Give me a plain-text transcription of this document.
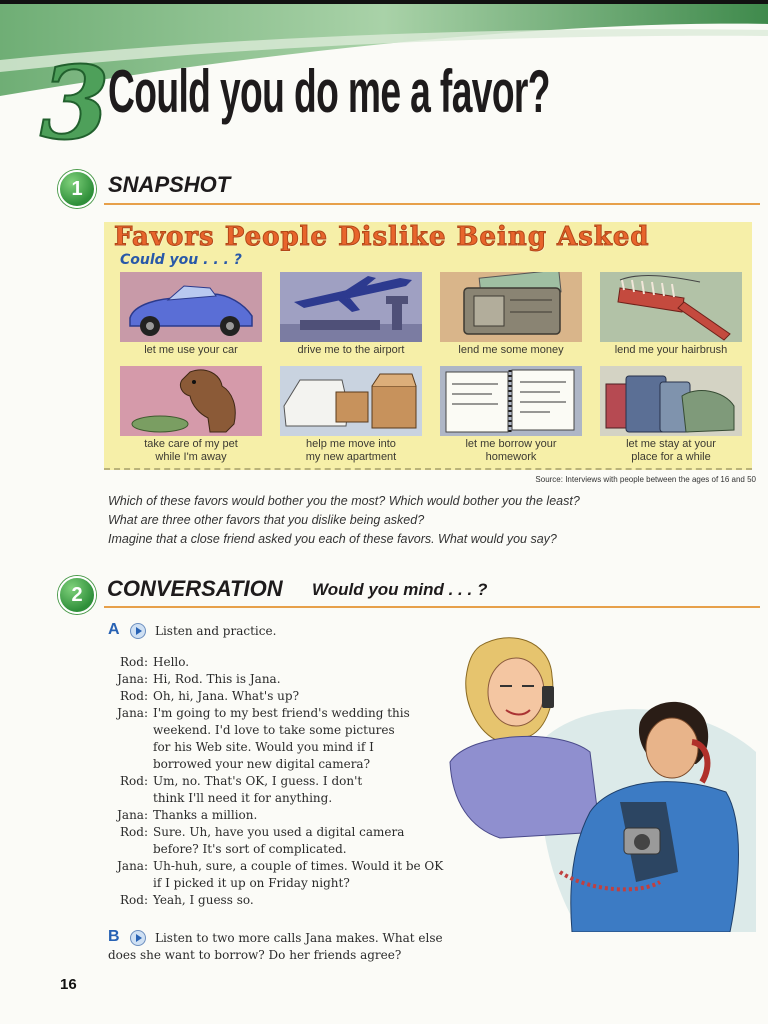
3
Could you do me a favor?
1	SNAPSHOT
Favors People Dislike Being Asked
Could you . . . ?
let me use your car	drive me to the airport	lend me some money	lend me your hairbrush
take care of my pet
while I'm away
help me move into
my new apartment
let me borrow your
homework
let me stay at your
place for a while
Source: Interviews with people between the ages of 16 and 50
Which of these favors would bother you the most? Which would bother you the least?
What are three other favors that you dislike being asked?
Imagine that a close friend asked you each of these favors. What would you say?
2	CONVERSATION Would you mind . . . ?
A	Listen and practice.
Rod: Hello.
Jana: Hi, Rod. This is Jana.
Rod: Oh, hi, Jana. What's up?
Jana: I'm going to my best friend's wedding this
weekend. I'd love to take some pictures
for his Web site. Would you mind if I
borrowed your new digital camera?
Rod: Um, no. That's OK, I guess. I don't
think I'll need it for anything.
Jana: Thanks a million.
Rod: Sure. Uh, have you used a digital camera
before? It's sort of complicated.
Jana: Uh-huh, sure, a couple of times. Would it be OK
if I picked it up on Friday night?
Rod: Yeah, I guess so.
B	Listen to two more calls Jana makes. What else
does she want to borrow? Do her friends agree?
16
